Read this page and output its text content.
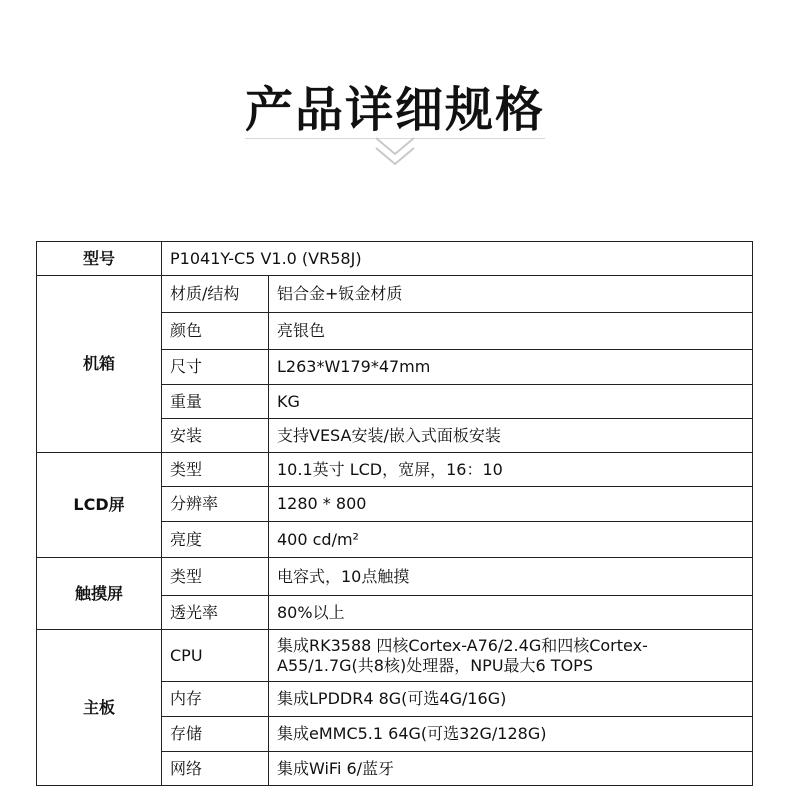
产品详细规格
型号	P1041Y-C5 V1.0 (VR58J)	
机箱	材质/结构	铝合金+钣金材质
	颜色	亮银色
	尺寸	L263*W179*47mm
	重量	KG
	安装	支持VESA安装/嵌入式面板安装
LCD屏	类型	10.1英寸 LCD，宽屏，16：10
	分辨率	1280 * 800
	亮度	400 cd/m²
触摸屏	类型	电容式，10点触摸
	透光率	80%以上
主板	CPU	集成RK3588 四核Cortex-A76/2.4G和四核Cortex-A55/1.7G(共8核)处理器，NPU最大6 TOPS
	内存	集成LPDDR4 8G(可选4G/16G)
	存储	集成eMMC5.1 64G(可选32G/128G)
	网络	集成WiFi 6/蓝牙
